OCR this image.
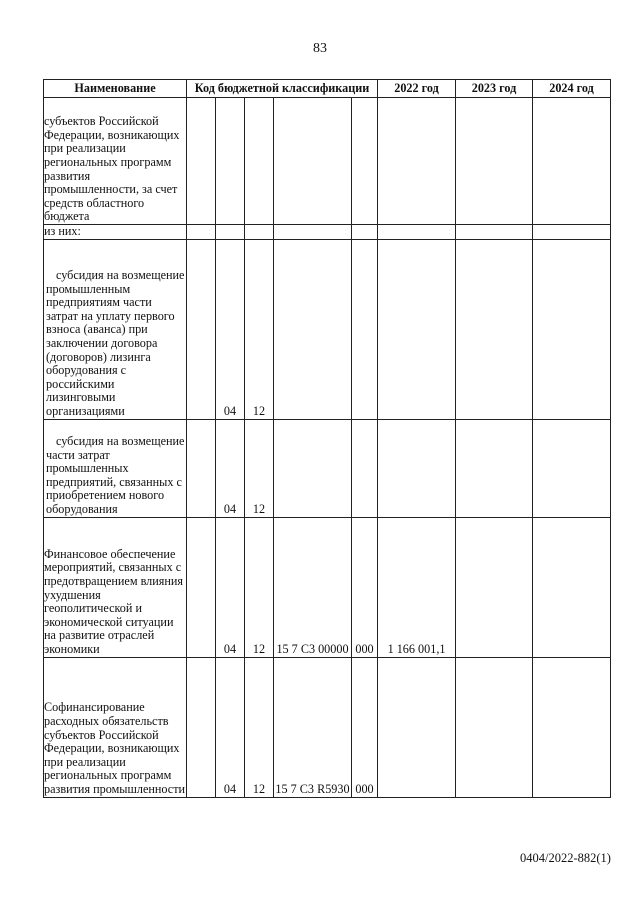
83
Наименование	Код бюджетной классификации					2022 год	2023 год	2024 год
субъектов Российской Федерации, возникающих при реализации региональных программ развития промышленности, за счет средств областного бюджета								
из них:								
субсидия на возмещение промышленным предприятиям части затрат на уплату первого взноса (аванса) при заключении договора (договоров) лизинга оборудования с российскими лизинговыми организациями		04	12					
субсидия на возмещение части затрат промышленных предприятий, связанных с приобретением нового оборудования		04	12					
Финансовое обеспечение мероприятий, связанных с предотвращением влияния ухудшения геополитической и экономической ситуации на развитие отраслей экономики		04	12	15 7 С3 00000	000	1 166 001,1		
Софинансирование расходных обязательств субъектов Российской Федерации, возникающих при реализации региональных программ развития промышленности		04	12	15 7 С3 R5930	000			
0404/2022-882(1)
